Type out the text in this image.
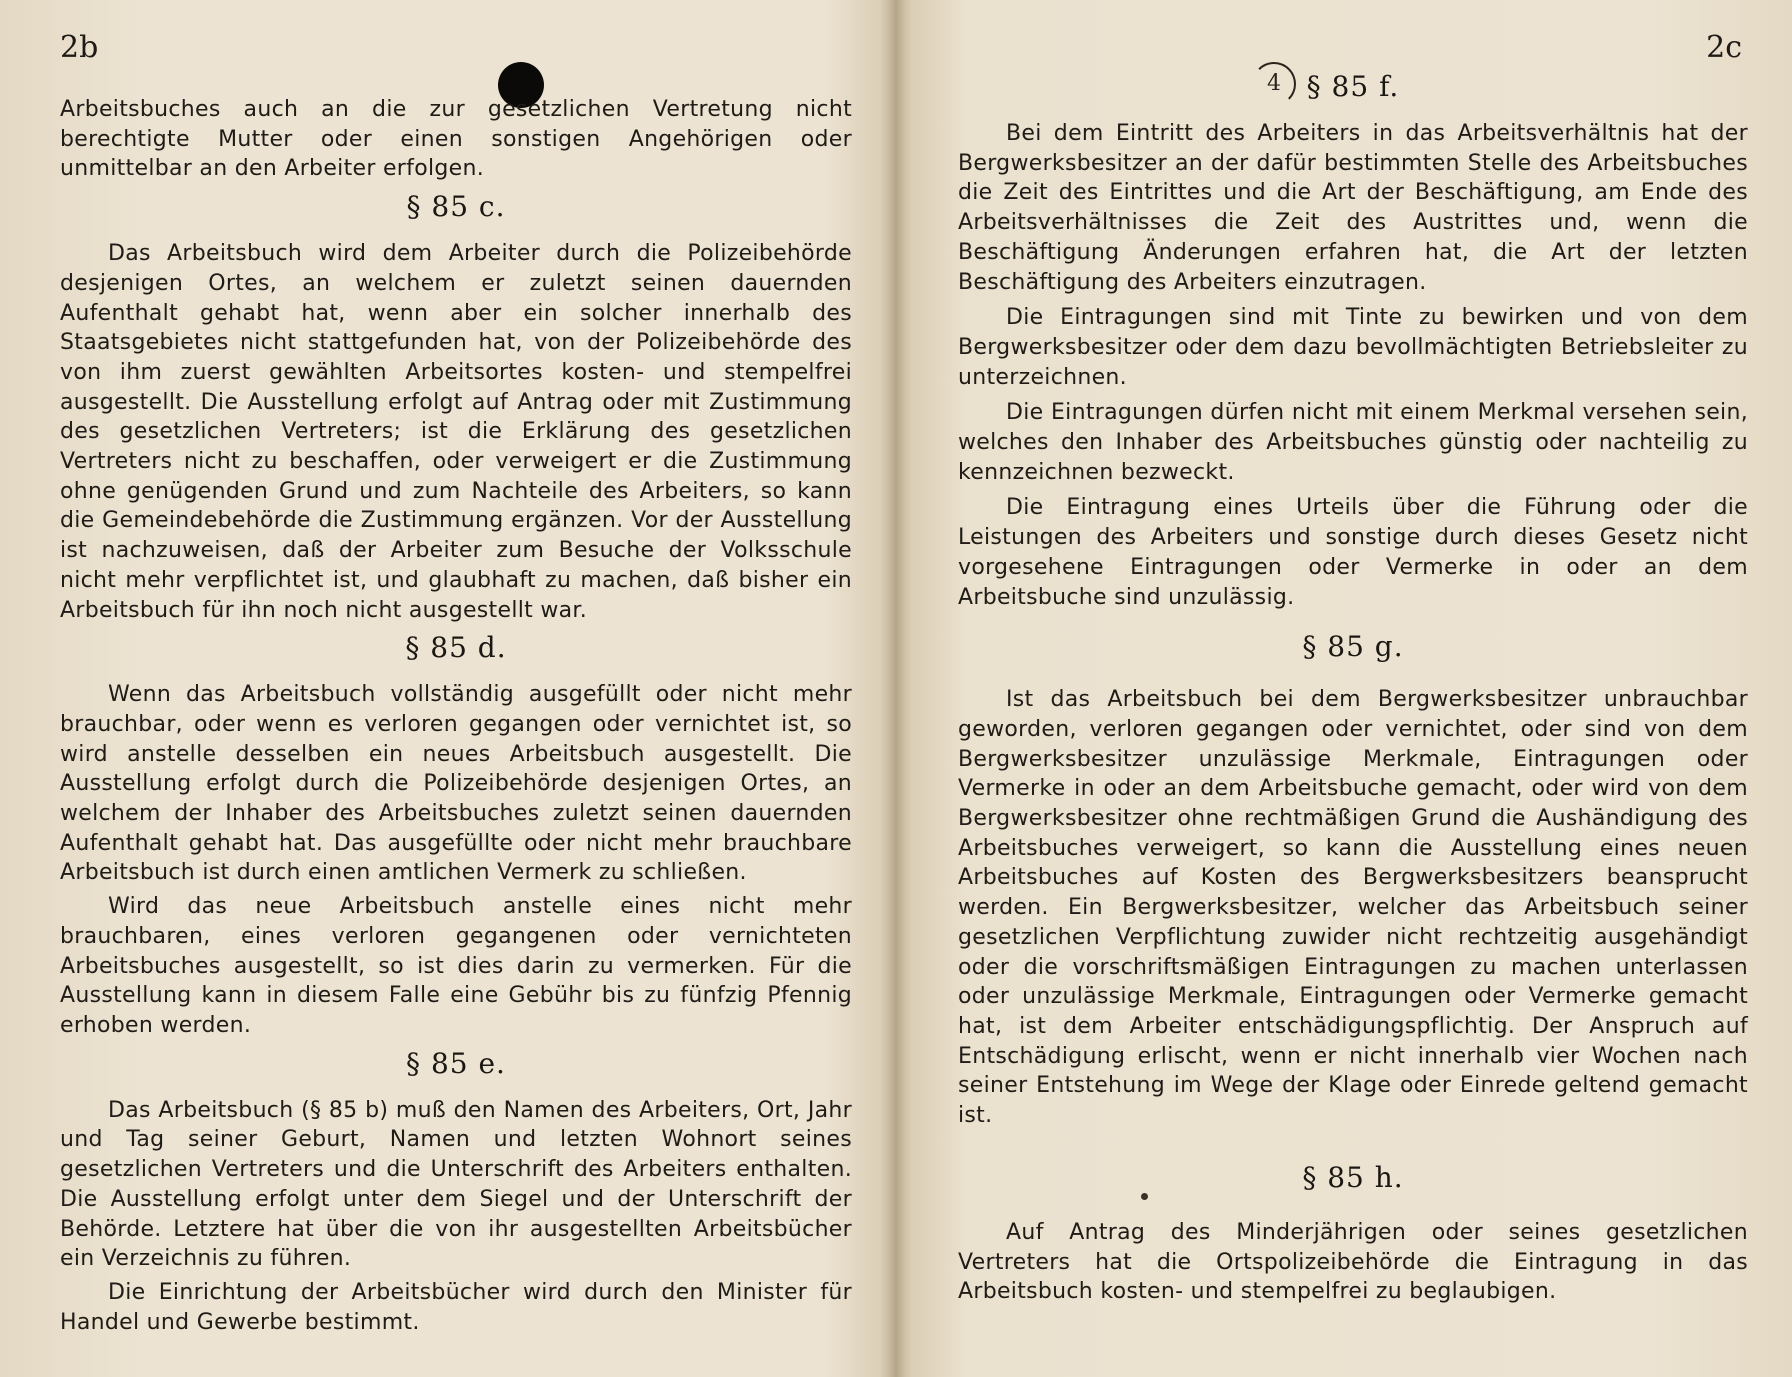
2b

Arbeitsbuches auch an die zur gesetzlichen Vertretung nicht berechtigte Mutter oder einen sonstigen Angehörigen oder unmittelbar an den Arbeiter erfolgen.

§ 85 c.

Das Arbeitsbuch wird dem Arbeiter durch die Polizeibehörde desjenigen Ortes, an welchem er zuletzt seinen dauernden Aufenthalt gehabt hat, wenn aber ein solcher innerhalb des Staatsgebietes nicht stattgefunden hat, von der Polizeibehörde des von ihm zuerst gewählten Arbeitsortes kosten- und stempelfrei ausgestellt. Die Ausstellung erfolgt auf Antrag oder mit Zustimmung des gesetzlichen Vertreters; ist die Erklärung des gesetzlichen Vertreters nicht zu beschaffen, oder verweigert er die Zustimmung ohne genügenden Grund und zum Nachteile des Arbeiters, so kann die Gemeindebehörde die Zustimmung ergänzen. Vor der Ausstellung ist nachzuweisen, daß der Arbeiter zum Besuche der Volksschule nicht mehr verpflichtet ist, und glaubhaft zu machen, daß bisher ein Arbeitsbuch für ihn noch nicht ausgestellt war.

§ 85 d.

Wenn das Arbeitsbuch vollständig ausgefüllt oder nicht mehr brauchbar, oder wenn es verloren gegangen oder vernichtet ist, so wird anstelle desselben ein neues Arbeitsbuch ausgestellt. Die Ausstellung erfolgt durch die Polizeibehörde desjenigen Ortes, an welchem der Inhaber des Arbeitsbuches zuletzt seinen dauernden Aufenthalt gehabt hat. Das ausgefüllte oder nicht mehr brauchbare Arbeitsbuch ist durch einen amtlichen Vermerk zu schließen.

Wird das neue Arbeitsbuch anstelle eines nicht mehr brauchbaren, eines verloren gegangenen oder vernichteten Arbeitsbuches ausgestellt, so ist dies darin zu vermerken. Für die Ausstellung kann in diesem Falle eine Gebühr bis zu fünfzig Pfennig erhoben werden.

§ 85 e.

Das Arbeitsbuch (§ 85 b) muß den Namen des Arbeiters, Ort, Jahr und Tag seiner Geburt, Namen und letzten Wohnort seines gesetzlichen Vertreters und die Unterschrift des Arbeiters enthalten. Die Ausstellung erfolgt unter dem Siegel und der Unterschrift der Behörde. Letztere hat über die von ihr ausgestellten Arbeitsbücher ein Verzeichnis zu führen.

Die Einrichtung der Arbeitsbücher wird durch den Minister für Handel und Gewerbe bestimmt.

2c
§ 85 f.

Bei dem Eintritt des Arbeiters in das Arbeitsverhältnis hat der Bergwerksbesitzer an der dafür bestimmten Stelle des Arbeitsbuches die Zeit des Eintrittes und die Art der Beschäftigung, am Ende des Arbeitsverhältnisses die Zeit des Austrittes und, wenn die Beschäftigung Änderungen erfahren hat, die Art der letzten Beschäftigung des Arbeiters einzutragen.

Die Eintragungen sind mit Tinte zu bewirken und von dem Bergwerksbesitzer oder dem dazu bevollmächtigten Betriebsleiter zu unterzeichnen.

Die Eintragungen dürfen nicht mit einem Merkmal versehen sein, welches den Inhaber des Arbeitsbuches günstig oder nachteilig zu kennzeichnen bezweckt.

Die Eintragung eines Urteils über die Führung oder die Leistungen des Arbeiters und sonstige durch dieses Gesetz nicht vorgesehene Eintragungen oder Vermerke in oder an dem Arbeitsbuche sind unzulässig.

§ 85 g.

Ist das Arbeitsbuch bei dem Bergwerksbesitzer unbrauchbar geworden, verloren gegangen oder vernichtet, oder sind von dem Bergwerksbesitzer unzulässige Merkmale, Eintragungen oder Vermerke in oder an dem Arbeitsbuche gemacht, oder wird von dem Bergwerksbesitzer ohne rechtmäßigen Grund die Aushändigung des Arbeitsbuches verweigert, so kann die Ausstellung eines neuen Arbeitsbuches auf Kosten des Bergwerksbesitzers beansprucht werden. Ein Bergwerksbesitzer, welcher das Arbeitsbuch seiner gesetzlichen Verpflichtung zuwider nicht rechtzeitig ausgehändigt oder die vorschriftsmäßigen Eintragungen zu machen unterlassen oder unzulässige Merkmale, Eintragungen oder Vermerke gemacht hat, ist dem Arbeiter entschädigungspflichtig. Der Anspruch auf Entschädigung erlischt, wenn er nicht innerhalb vier Wochen nach seiner Entstehung im Wege der Klage oder Einrede geltend gemacht ist.

§ 85 h.

Auf Antrag des Minderjährigen oder seines gesetzlichen Vertreters hat die Ortspolizeibehörde die Eintragung in das Arbeitsbuch kosten- und stempelfrei zu beglaubigen.

4
